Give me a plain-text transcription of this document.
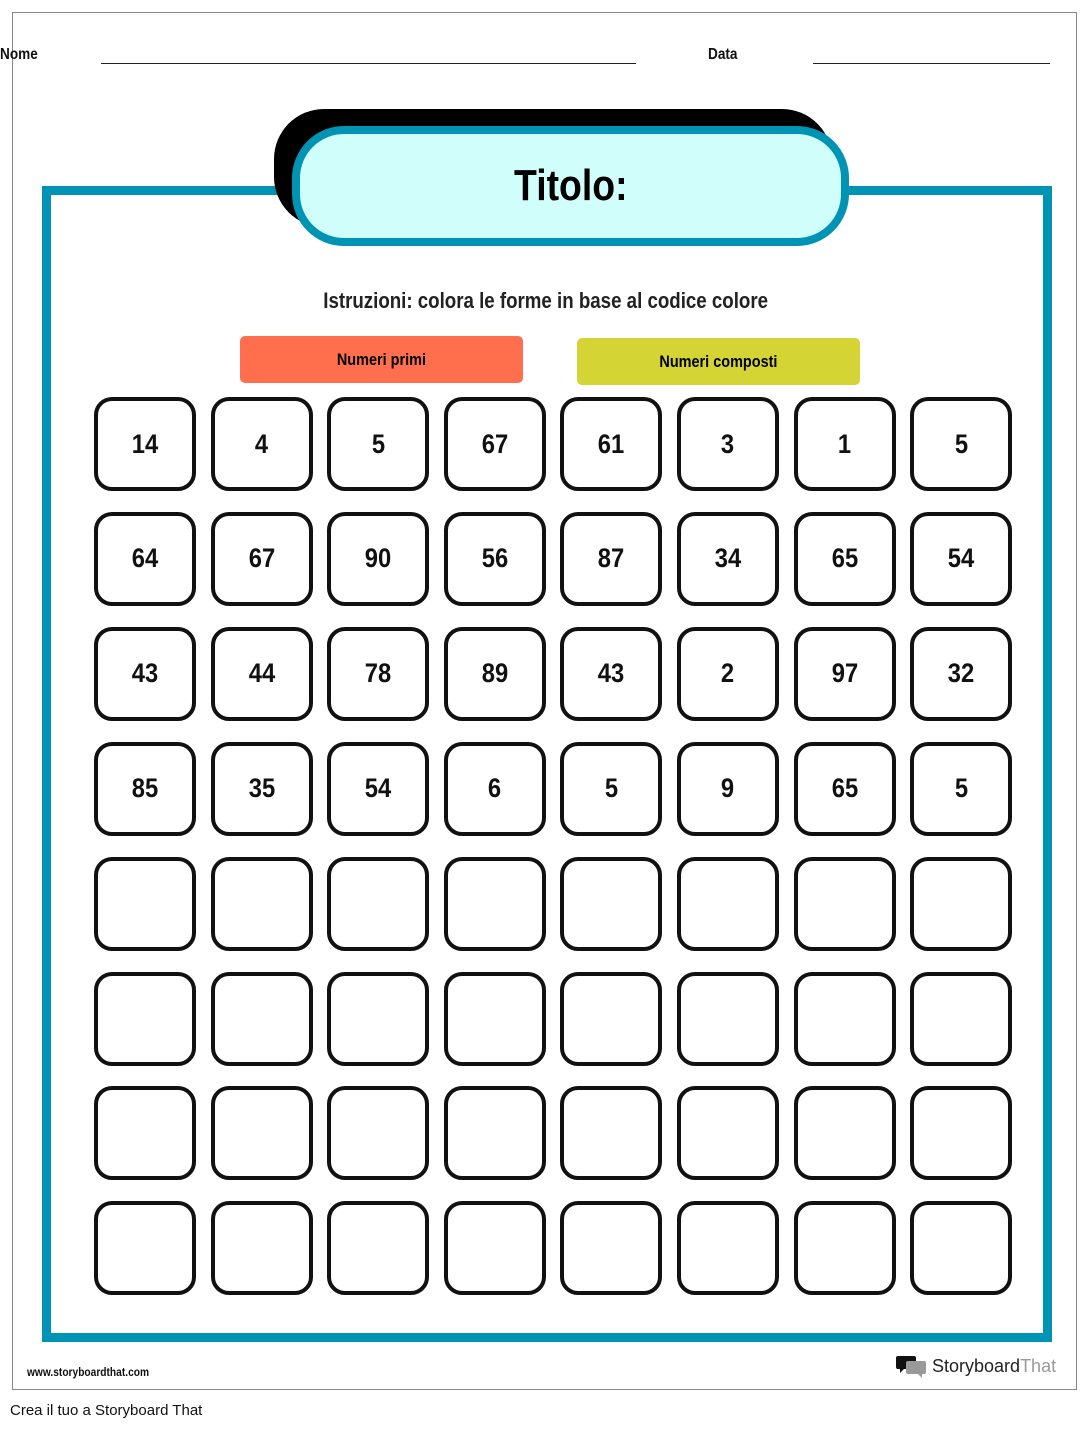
Nome	Data
Titolo:
Istruzioni: colora le forme in base al codice colore
Numeri primi	Numeri composti
14	4	5	67	61	3	1	5
64	67	90	56	87	34	65	54
43	44	78	89	43	2	97	32
85	35	54	6	5	9	65	5
www.storyboardthat.com	StoryboardThat
Crea il tuo a Storyboard That
